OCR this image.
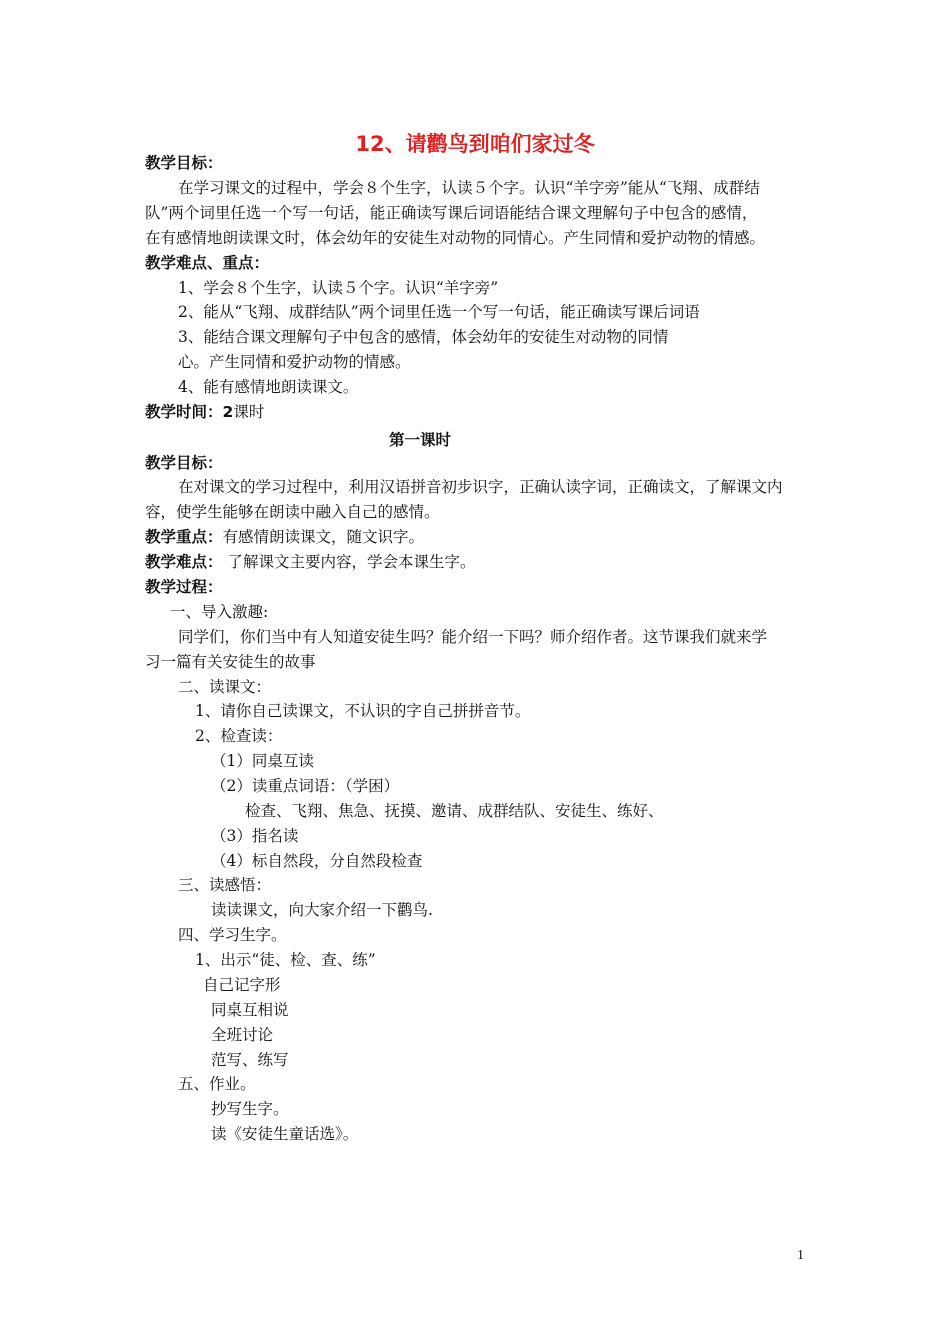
12、请鹳鸟到咱们家过冬
教学目标：
在学习课文的过程中，学会８个生字，认读５个字。认识“羊字旁”能从“飞翔、成群结
队”两个词里任选一个写一句话，能正确读写课后词语能结合课文理解句子中包含的感情，
在有感情地朗读课文时，体会幼年的安徒生对动物的同情心。产生同情和爱护动物的情感。
教学难点、重点：
1、学会８个生字，认读５个字。认识“羊字旁”
2、能从“飞翔、成群结队”两个词里任选一个写一句话，能正确读写课后词语
3、能结合课文理解句子中包含的感情，体会幼年的安徒生对动物的同情
心。产生同情和爱护动物的情感。
4、能有感情地朗读课文。
教学时间：2课时
第一课时
教学目标：
在对课文的学习过程中，利用汉语拼音初步识字，正确认读字词，正确读文，了解课文内
容，使学生能够在朗读中融入自己的感情。
教学重点：有感情朗读课文，随文识字。
教学难点： 了解课文主要内容，学会本课生字。
教学过程：
一、导入激趣:
同学们，你们当中有人知道安徒生吗？能介绍一下吗？师介绍作者。这节课我们就来学
习一篇有关安徒生的故事
二、读课文：
1、请你自己读课文，不认识的字自己拼拼音节。
2、检查读：
（1）同桌互读
（2）读重点词语：（学困）
检查、飞翔、焦急、抚摸、邀请、成群结队、安徒生、练好、
（3）指名读
（4）标自然段，分自然段检查
三、读感悟：
读读课文，向大家介绍一下鹳鸟.
四、学习生字。
1、出示“徒、检、查、练”
自己记字形
同桌互相说
全班讨论
范写、练写
五、作业。
抄写生字。
读《安徒生童话选》。
1
